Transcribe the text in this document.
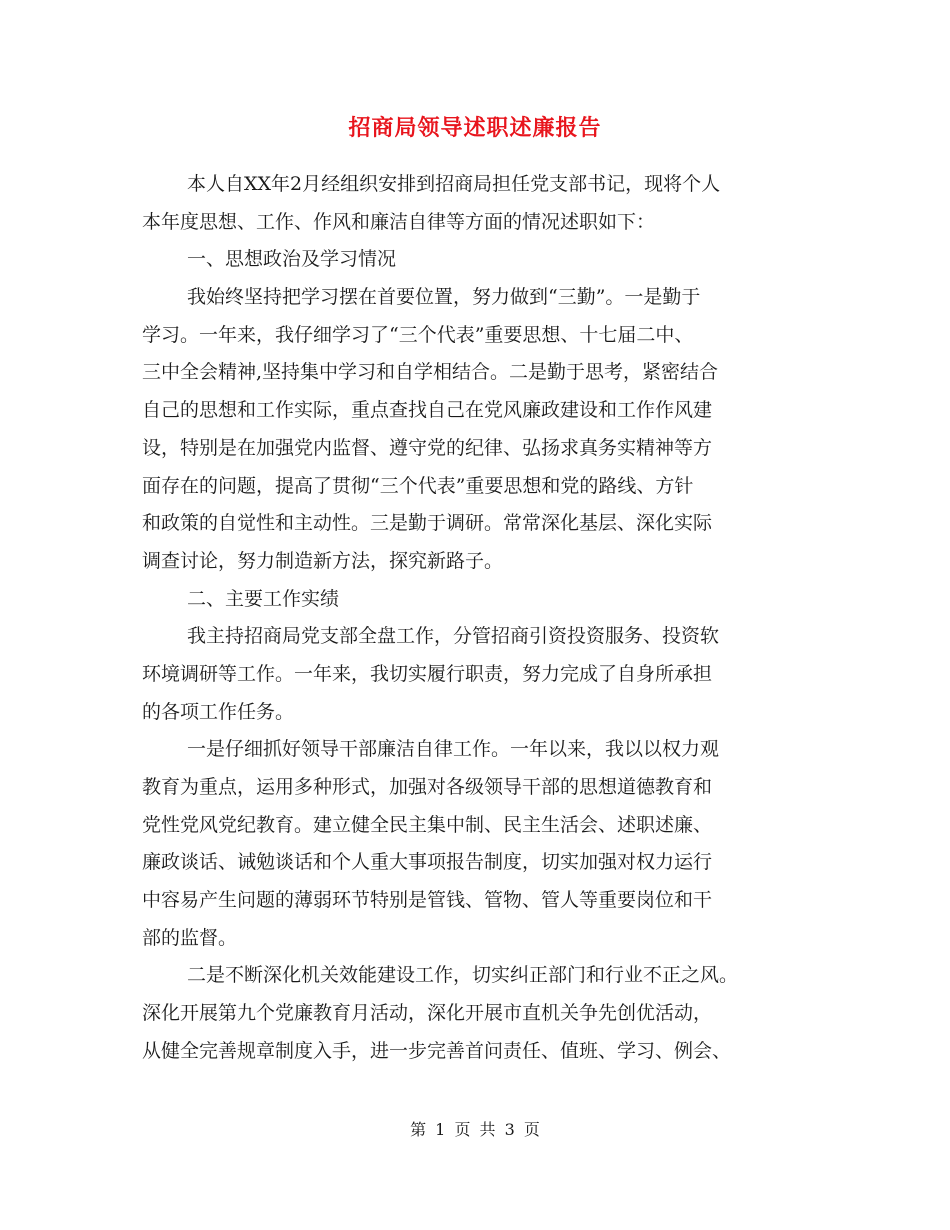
招商局领导述职述廉报告
本人自XX年2月经组织安排到招商局担任党支部书记，现将个人
本年度思想、工作、作风和廉洁自律等方面的情况述职如下：
一、思想政治及学习情况
我始终坚持把学习摆在首要位置，努力做到“三勤”。一是勤于
学习。一年来，我仔细学习了“三个代表”重要思想、十七届二中、
三中全会精神,坚持集中学习和自学相结合。二是勤于思考，紧密结合
自己的思想和工作实际，重点查找自己在党风廉政建设和工作作风建
设，特别是在加强党内监督、遵守党的纪律、弘扬求真务实精神等方
面存在的问题，提高了贯彻“三个代表”重要思想和党的路线、方针
和政策的自觉性和主动性。三是勤于调研。常常深化基层、深化实际
调查讨论，努力制造新方法，探究新路子。
二、主要工作实绩
我主持招商局党支部全盘工作，分管招商引资投资服务、投资软
环境调研等工作。一年来，我切实履行职责，努力完成了自身所承担
的各项工作任务。
一是仔细抓好领导干部廉洁自律工作。一年以来，我以以权力观
教育为重点，运用多种形式，加强对各级领导干部的思想道德教育和
党性党风党纪教育。建立健全民主集中制、民主生活会、述职述廉、
廉政谈话、诫勉谈话和个人重大事项报告制度，切实加强对权力运行
中容易产生问题的薄弱环节特别是管钱、管物、管人等重要岗位和干
部的监督。
二是不断深化机关效能建设工作，切实纠正部门和行业不正之风。
深化开展第九个党廉教育月活动，深化开展市直机关争先创优活动，
从健全完善规章制度入手，进一步完善首问责任、值班、学习、例会、
第 1 页 共 3 页
